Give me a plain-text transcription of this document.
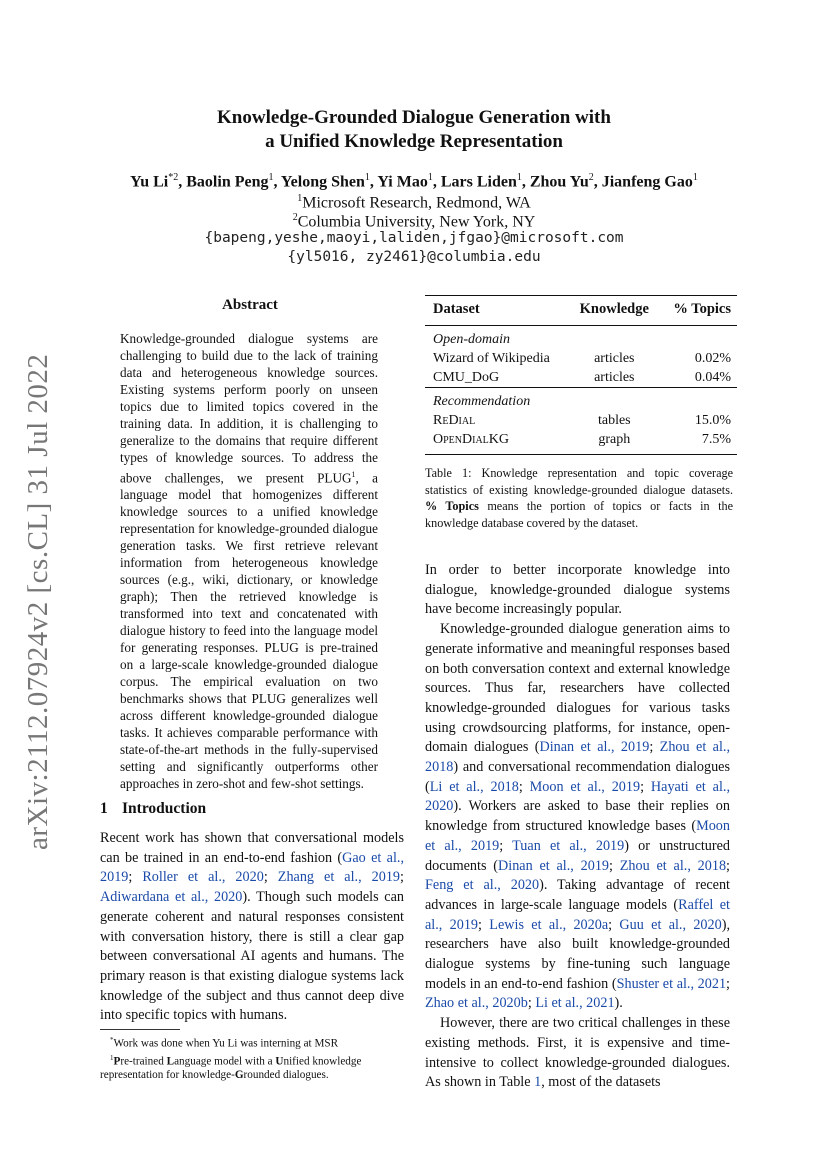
arXiv:2112.07924v2 [cs.CL] 31 Jul 2022
Knowledge-Grounded Dialogue Generation with
a Unified Knowledge Representation
Yu Li$^{*2}$, Baolin Peng$^1$, Yelong Shen$^1$, Yi Mao$^1$, Lars Liden$^1$, Zhou Yu$^2$, Jianfeng Gao$^1$
$^1$Microsoft Research, Redmond, WA
$^2$Columbia University, New York, NY
{bapeng,yeshe,maoyi,laliden,jfgao}@microsoft.com
{yl5016, zy2461}@columbia.edu
Abstract
Knowledge-grounded dialogue systems are challenging to build due to the lack of training data and heterogeneous knowledge sources. Existing systems perform poorly on unseen topics due to limited topics covered in the training data. In addition, it is challenging to generalize to the domains that require different types of knowledge sources. To address the above challenges, we present PLUG$^1$, a language model that homogenizes different knowledge sources to a unified knowledge representation for knowledge-grounded dialogue generation tasks. We first retrieve relevant information from heterogeneous knowledge sources (e.g., wiki, dictionary, or knowledge graph); Then the retrieved knowledge is transformed into text and concatenated with dialogue history to feed into the language model for generating responses. PLUG is pre-trained on a large-scale knowledge-grounded dialogue corpus. The empirical evaluation on two benchmarks shows that PLUG generalizes well across different knowledge-grounded dialogue tasks. It achieves comparable performance with state-of-the-art methods in the fully-supervised setting and significantly outperforms other approaches in zero-shot and few-shot settings.
1 Introduction
Recent work has shown that conversational models can be trained in an end-to-end fashion (Gao et al., 2019; Roller et al., 2020; Zhang et al., 2019; Adiwardana et al., 2020). Though such models can generate coherent and natural responses consistent with conversation history, there is still a clear gap between conversational AI agents and humans. The primary reason is that existing dialogue systems lack knowledge of the subject and thus cannot deep dive into specific topics with humans.

*Work was done when Yu Li was interning at MSR

$^1$Pre-trained Language model with a Unified knowledge representation for knowledge-Grounded dialogues.

Dataset	Knowledge	% Topics
Open-domain		
Wizard of Wikipedia	articles	0.02%
CMU_DoG	articles	0.04%
Recommendation		
ReDial	tables	15.0%
OpenDialKG	graph	7.5%
Table 1: Knowledge representation and topic coverage statistics of existing knowledge-grounded dialogue datasets. % Topics means the portion of topics or facts in the knowledge database covered by the dataset.

In order to better incorporate knowledge into dialogue, knowledge-grounded dialogue systems have become increasingly popular.

Knowledge-grounded dialogue generation aims to generate informative and meaningful responses based on both conversation context and external knowledge sources. Thus far, researchers have collected knowledge-grounded dialogues for various tasks using crowdsourcing platforms, for instance, open-domain dialogues (Dinan et al., 2019; Zhou et al., 2018) and conversational recommendation dialogues (Li et al., 2018; Moon et al., 2019; Hayati et al., 2020). Workers are asked to base their replies on knowledge from structured knowledge bases (Moon et al., 2019; Tuan et al., 2019) or unstructured documents (Dinan et al., 2019; Zhou et al., 2018; Feng et al., 2020). Taking advantage of recent advances in large-scale language models (Raffel et al., 2019; Lewis et al., 2020a; Guu et al., 2020), researchers have also built knowledge-grounded dialogue systems by fine-tuning such language models in an end-to-end fashion (Shuster et al., 2021; Zhao et al., 2020b; Li et al., 2021).

However, there are two critical challenges in these existing methods. First, it is expensive and time-intensive to collect knowledge-grounded dialogues. As shown in Table 1, most of the datasets
